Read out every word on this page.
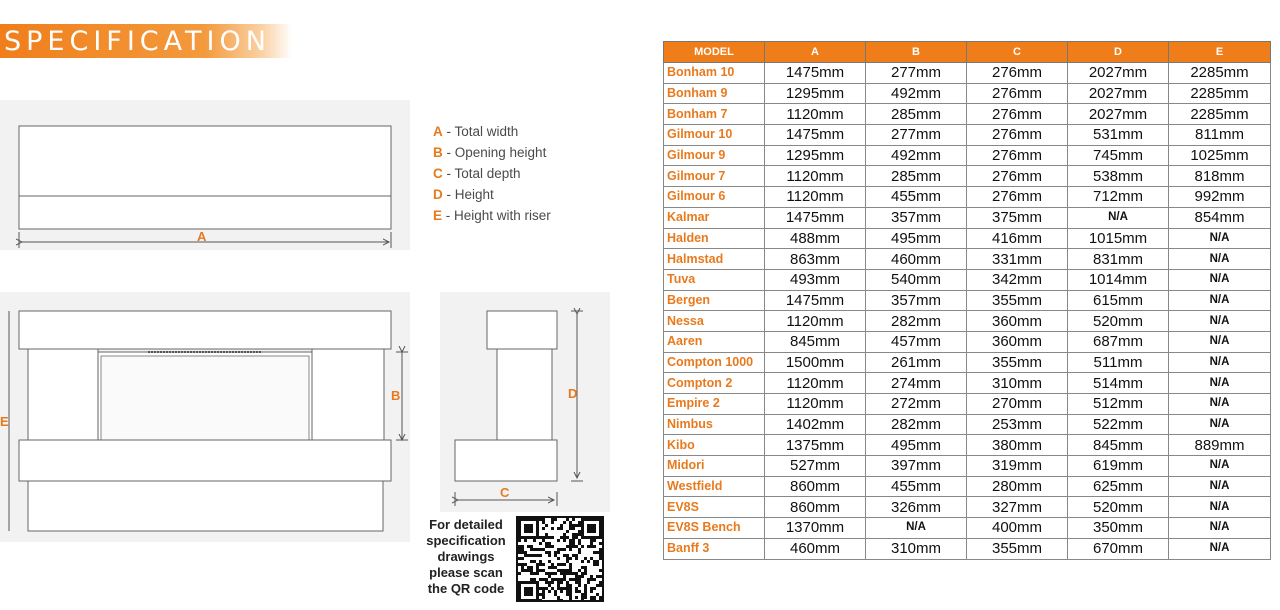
SPECIFICATION
A
B
E
D
C
A - Total width
B - Opening height
C - Total depth
D - Height
E - Height with riser
For detailed
specification
drawings
please scan
the QR code
MODEL	A	B	C	D	E
Bonham 10	1475mm	277mm	276mm	2027mm	2285mm
Bonham 9	1295mm	492mm	276mm	2027mm	2285mm
Bonham 7	1120mm	285mm	276mm	2027mm	2285mm
Gilmour 10	1475mm	277mm	276mm	531mm	811mm
Gilmour 9	1295mm	492mm	276mm	745mm	1025mm
Gilmour 7	1120mm	285mm	276mm	538mm	818mm
Gilmour 6	1120mm	455mm	276mm	712mm	992mm
Kalmar	1475mm	357mm	375mm	N/A	854mm
Halden	488mm	495mm	416mm	1015mm	N/A
Halmstad	863mm	460mm	331mm	831mm	N/A
Tuva	493mm	540mm	342mm	1014mm	N/A
Bergen	1475mm	357mm	355mm	615mm	N/A
Nessa	1120mm	282mm	360mm	520mm	N/A
Aaren	845mm	457mm	360mm	687mm	N/A
Compton 1000	1500mm	261mm	355mm	511mm	N/A
Compton 2	1120mm	274mm	310mm	514mm	N/A
Empire 2	1120mm	272mm	270mm	512mm	N/A
Nimbus	1402mm	282mm	253mm	522mm	N/A
Kibo	1375mm	495mm	380mm	845mm	889mm
Midori	527mm	397mm	319mm	619mm	N/A
Westfield	860mm	455mm	280mm	625mm	N/A
EV8S	860mm	326mm	327mm	520mm	N/A
EV8S Bench	1370mm	N/A	400mm	350mm	N/A
Banff 3	460mm	310mm	355mm	670mm	N/A
